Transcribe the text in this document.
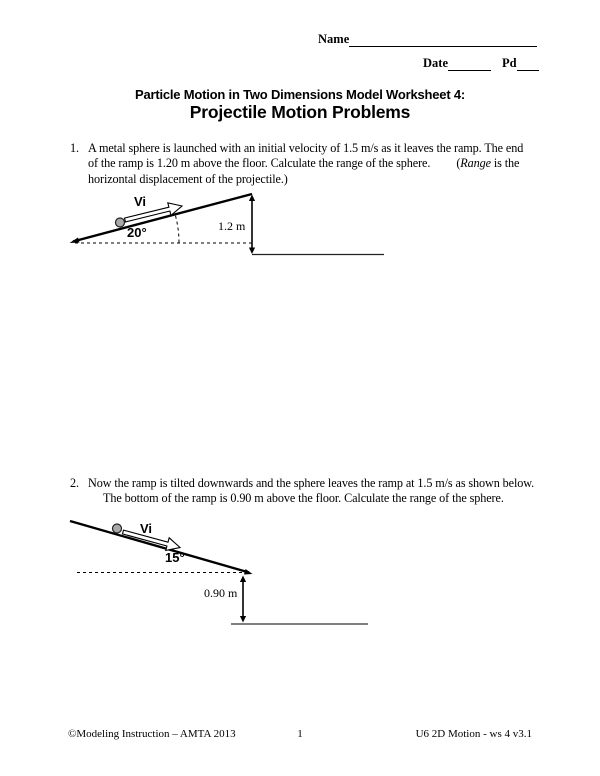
Name
Date	Pd
Particle Motion in Two Dimensions Model Worksheet 4:
Projectile Motion Problems
1. A metal sphere is launched with an initial velocity of 1.5 m/s as it leaves the ramp. The end
of the ramp is 1.20 m above the floor. Calculate the range of the sphere. (Range is the
horizontal displacement of the projectile.)
Vi
20°	1.2 m
2. Now the ramp is tilted downwards and the sphere leaves the ramp at 1.5 m/s as shown below.
The bottom of the ramp is 0.90 m above the floor. Calculate the range of the sphere.
Vi
15°
0.90 m
©Modeling Instruction – AMTA 2013	1	U6 2D Motion - ws 4 v3.1
